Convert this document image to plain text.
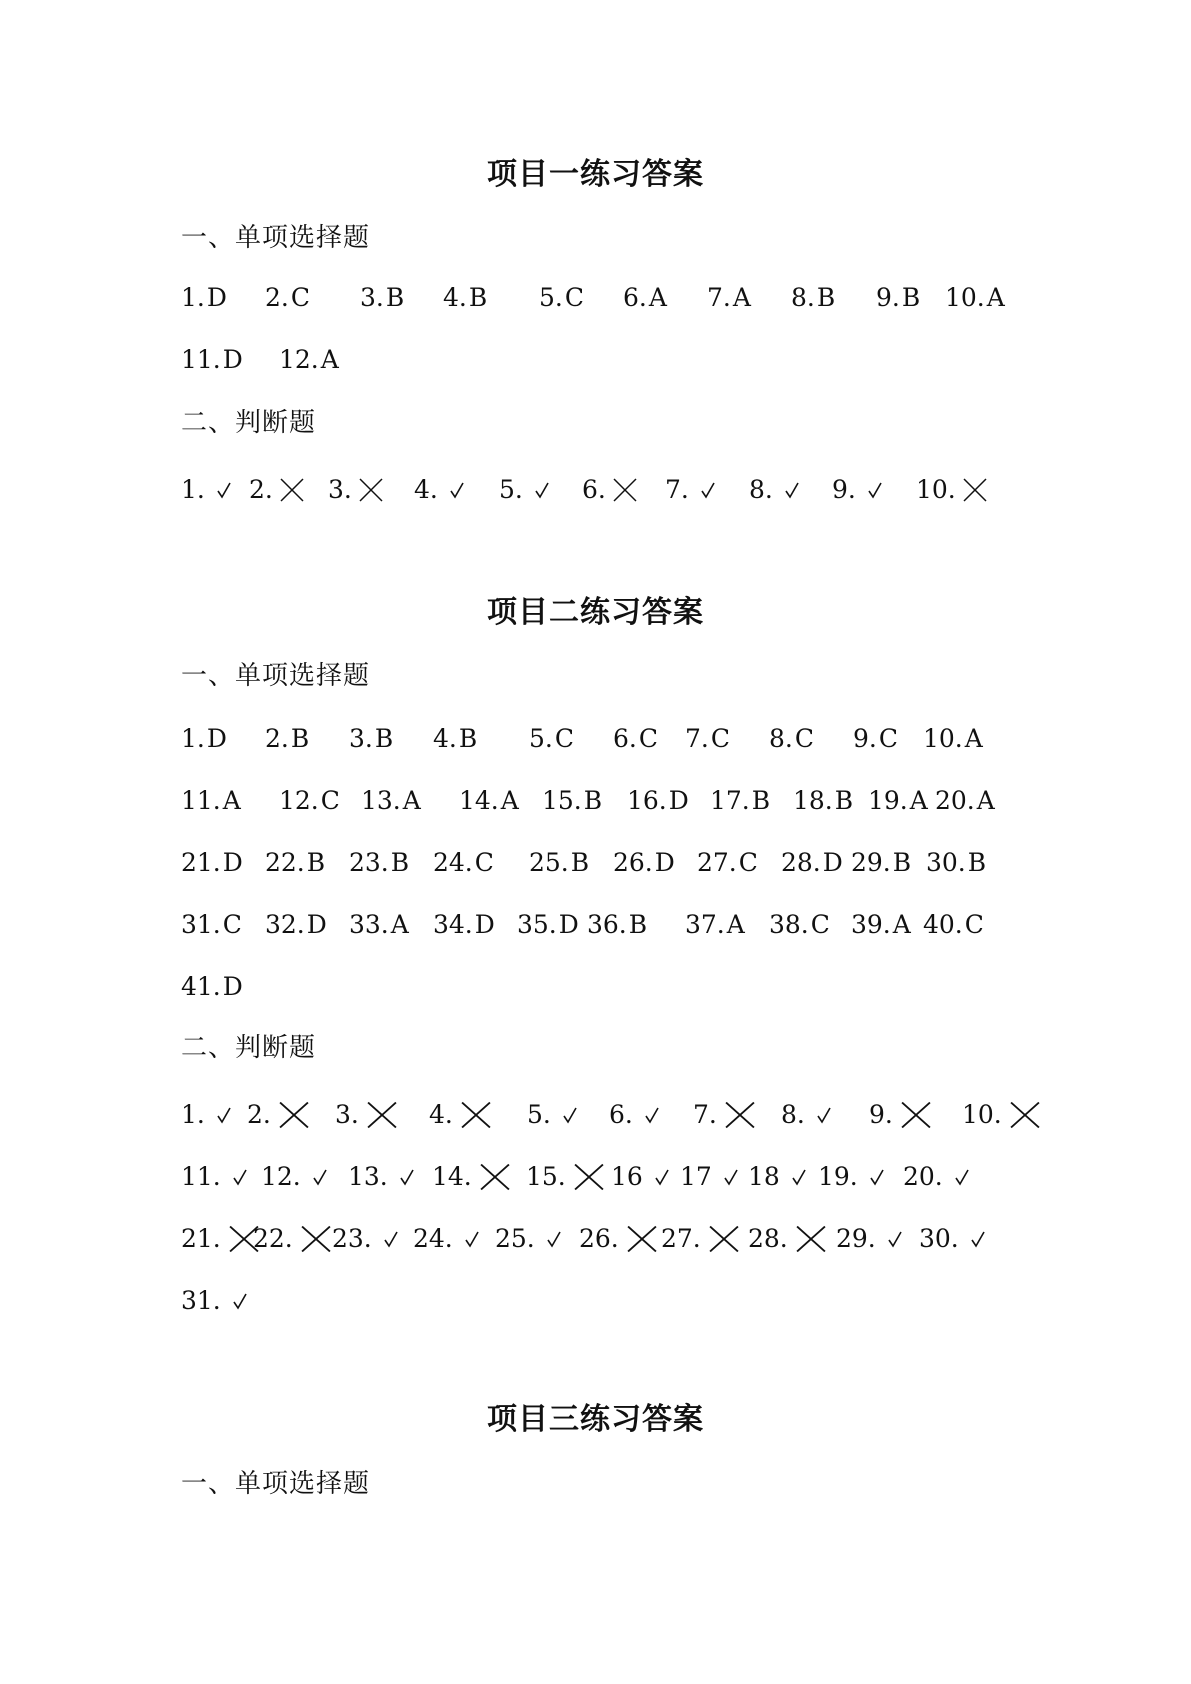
项目一练习答案
一、单项选择题
1.D 2.C 3.B 4.B 5.C 6.A 7.A 8.B 9.B 10.A
11.D 12.A
二、判断题
1.	2.	3.	4.	5.	6.	7.	8.	9.	10.
项目二练习答案
一、单项选择题
1.D 2.B 3.B 4.B 5.C 6.C 7.C 8.C 9.C 10.A
11.A 12.C 13.A 14.A 15.B 16.D 17.B 18.B 19.A 20.A
21.D 22.B 23.B 24.C 25.B 26.D 27.C 28.D 29.B 30.B
31.C 32.D 33.A 34.D 35.D 36.B 37.A 38.C 39.A 40.C
41.D
二、判断题
1.	2.	3.	4.	5.	6.	7.	8.	9.	10.
11.	12.	13.	14.	15.	16	17	18	19.	20.
21.	22.	23.	24.	25.	26.	27.	28.	29.	30.
31.
项目三练习答案
一、单项选择题
